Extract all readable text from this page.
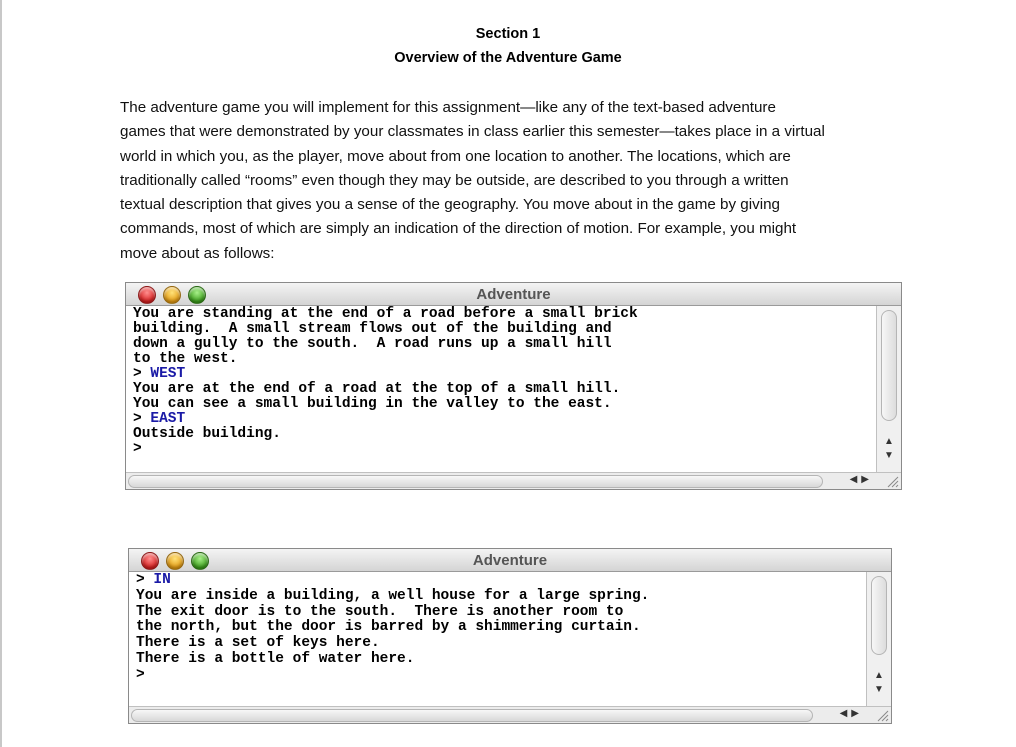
Section 1
Overview of the Adventure Game
The adventure game you will implement for this assignment—like any of the text-based adventure
games that were demonstrated by your classmates in class earlier this semester—takes place in a virtual
world in which you, as the player, move about from one location to another. The locations, which are
traditionally called “rooms” even though they may be outside, are described to you through a written
textual description that gives you a sense of the geography. You move about in the game by giving
commands, most of which are simply an indication of the direction of motion. For example, you might
move about as follows:
Adventure
You are standing at the end of a road before a small brick
building.  A small stream flows out of the building and
down a gully to the south.  A road runs up a small hill
to the west.
> WEST
You are at the end of a road at the top of a small hill.
You can see a small building in the valley to the east.
> EAST
Outside building.
>	▲
▼
◀▶
Adventure
> IN
You are inside a building, a well house for a large spring.
The exit door is to the south.  There is another room to
the north, but the door is barred by a shimmering curtain.
There is a set of keys here.
There is a bottle of water here.
>	▲
▼
◀▶
